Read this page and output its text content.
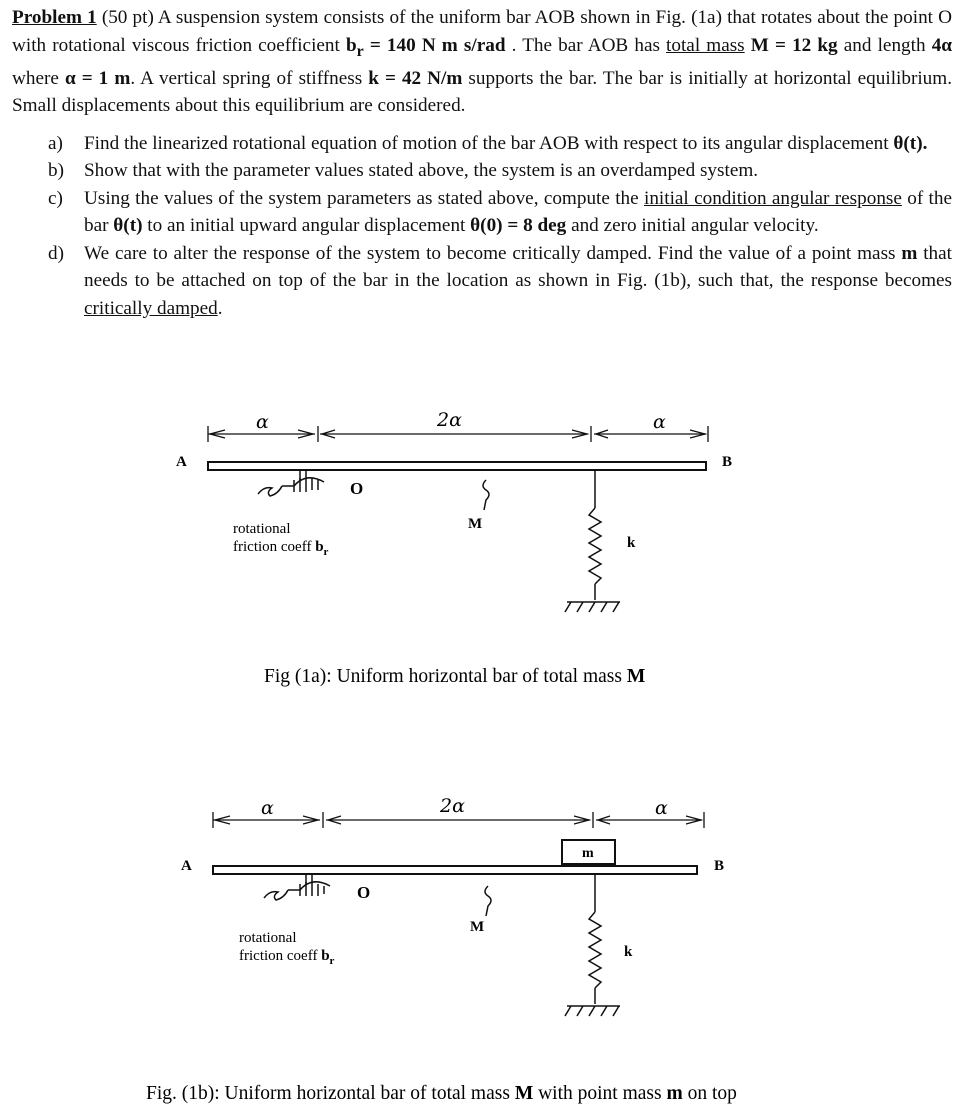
Problem 1 (50 pt) A suspension system consists of the uniform bar AOB shown in Fig. (1a) that rotates about the point O with rotational viscous friction coefficient $b_r = 140$ N m s/rad . The bar AOB has total mass M = 12 kg and length 4α where α = 1 m. A vertical spring of stiffness k = 42 N/m supports the bar. The bar is initially at horizontal equilibrium. Small displacements about this equilibrium are considered.

a) Find the linearized rotational equation of motion of the bar AOB with respect to its angular displacement θ(t).
b) Show that with the parameter values stated above, the system is an overdamped system.
c) Using the values of the system parameters as stated above, compute the initial condition angular response of the bar θ(t) to an initial upward angular displacement θ(0) = 8 deg and zero initial angular velocity.
d) We care to alter the response of the system to become critically damped. Find the value of a point mass m that needs to be attached on top of the bar in the location as shown in Fig. (1b), such that, the response becomes critically damped.
α	2α	α
A	B
O
rotational
friction coeff $b_r$
M
k
Fig (1a): Uniform horizontal bar of total mass M
α	2α	α
m
A	B
O
rotational
friction coeff $b_r$
M
k
Fig. (1b): Uniform horizontal bar of total mass M with point mass m on top
